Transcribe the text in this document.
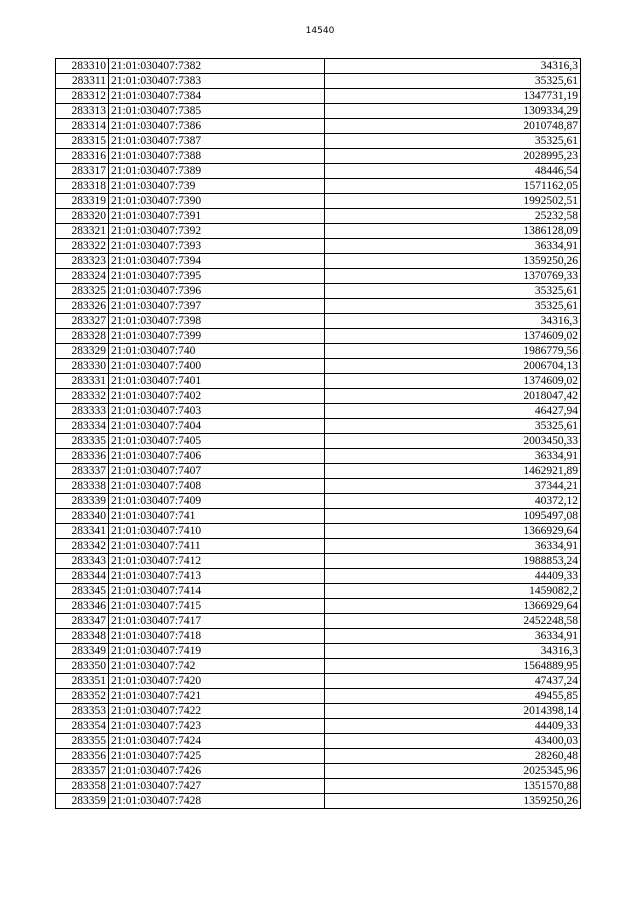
14540
283310	21:01:030407:7382	34316,3
283311	21:01:030407:7383	35325,61
283312	21:01:030407:7384	1347731,19
283313	21:01:030407:7385	1309334,29
283314	21:01:030407:7386	2010748,87
283315	21:01:030407:7387	35325,61
283316	21:01:030407:7388	2028995,23
283317	21:01:030407:7389	48446,54
283318	21:01:030407:739	1571162,05
283319	21:01:030407:7390	1992502,51
283320	21:01:030407:7391	25232,58
283321	21:01:030407:7392	1386128,09
283322	21:01:030407:7393	36334,91
283323	21:01:030407:7394	1359250,26
283324	21:01:030407:7395	1370769,33
283325	21:01:030407:7396	35325,61
283326	21:01:030407:7397	35325,61
283327	21:01:030407:7398	34316,3
283328	21:01:030407:7399	1374609,02
283329	21:01:030407:740	1986779,56
283330	21:01:030407:7400	2006704,13
283331	21:01:030407:7401	1374609,02
283332	21:01:030407:7402	2018047,42
283333	21:01:030407:7403	46427,94
283334	21:01:030407:7404	35325,61
283335	21:01:030407:7405	2003450,33
283336	21:01:030407:7406	36334,91
283337	21:01:030407:7407	1462921,89
283338	21:01:030407:7408	37344,21
283339	21:01:030407:7409	40372,12
283340	21:01:030407:741	1095497,08
283341	21:01:030407:7410	1366929,64
283342	21:01:030407:7411	36334,91
283343	21:01:030407:7412	1988853,24
283344	21:01:030407:7413	44409,33
283345	21:01:030407:7414	1459082,2
283346	21:01:030407:7415	1366929,64
283347	21:01:030407:7417	2452248,58
283348	21:01:030407:7418	36334,91
283349	21:01:030407:7419	34316,3
283350	21:01:030407:742	1564889,95
283351	21:01:030407:7420	47437,24
283352	21:01:030407:7421	49455,85
283353	21:01:030407:7422	2014398,14
283354	21:01:030407:7423	44409,33
283355	21:01:030407:7424	43400,03
283356	21:01:030407:7425	28260,48
283357	21:01:030407:7426	2025345,96
283358	21:01:030407:7427	1351570,88
283359	21:01:030407:7428	1359250,26
